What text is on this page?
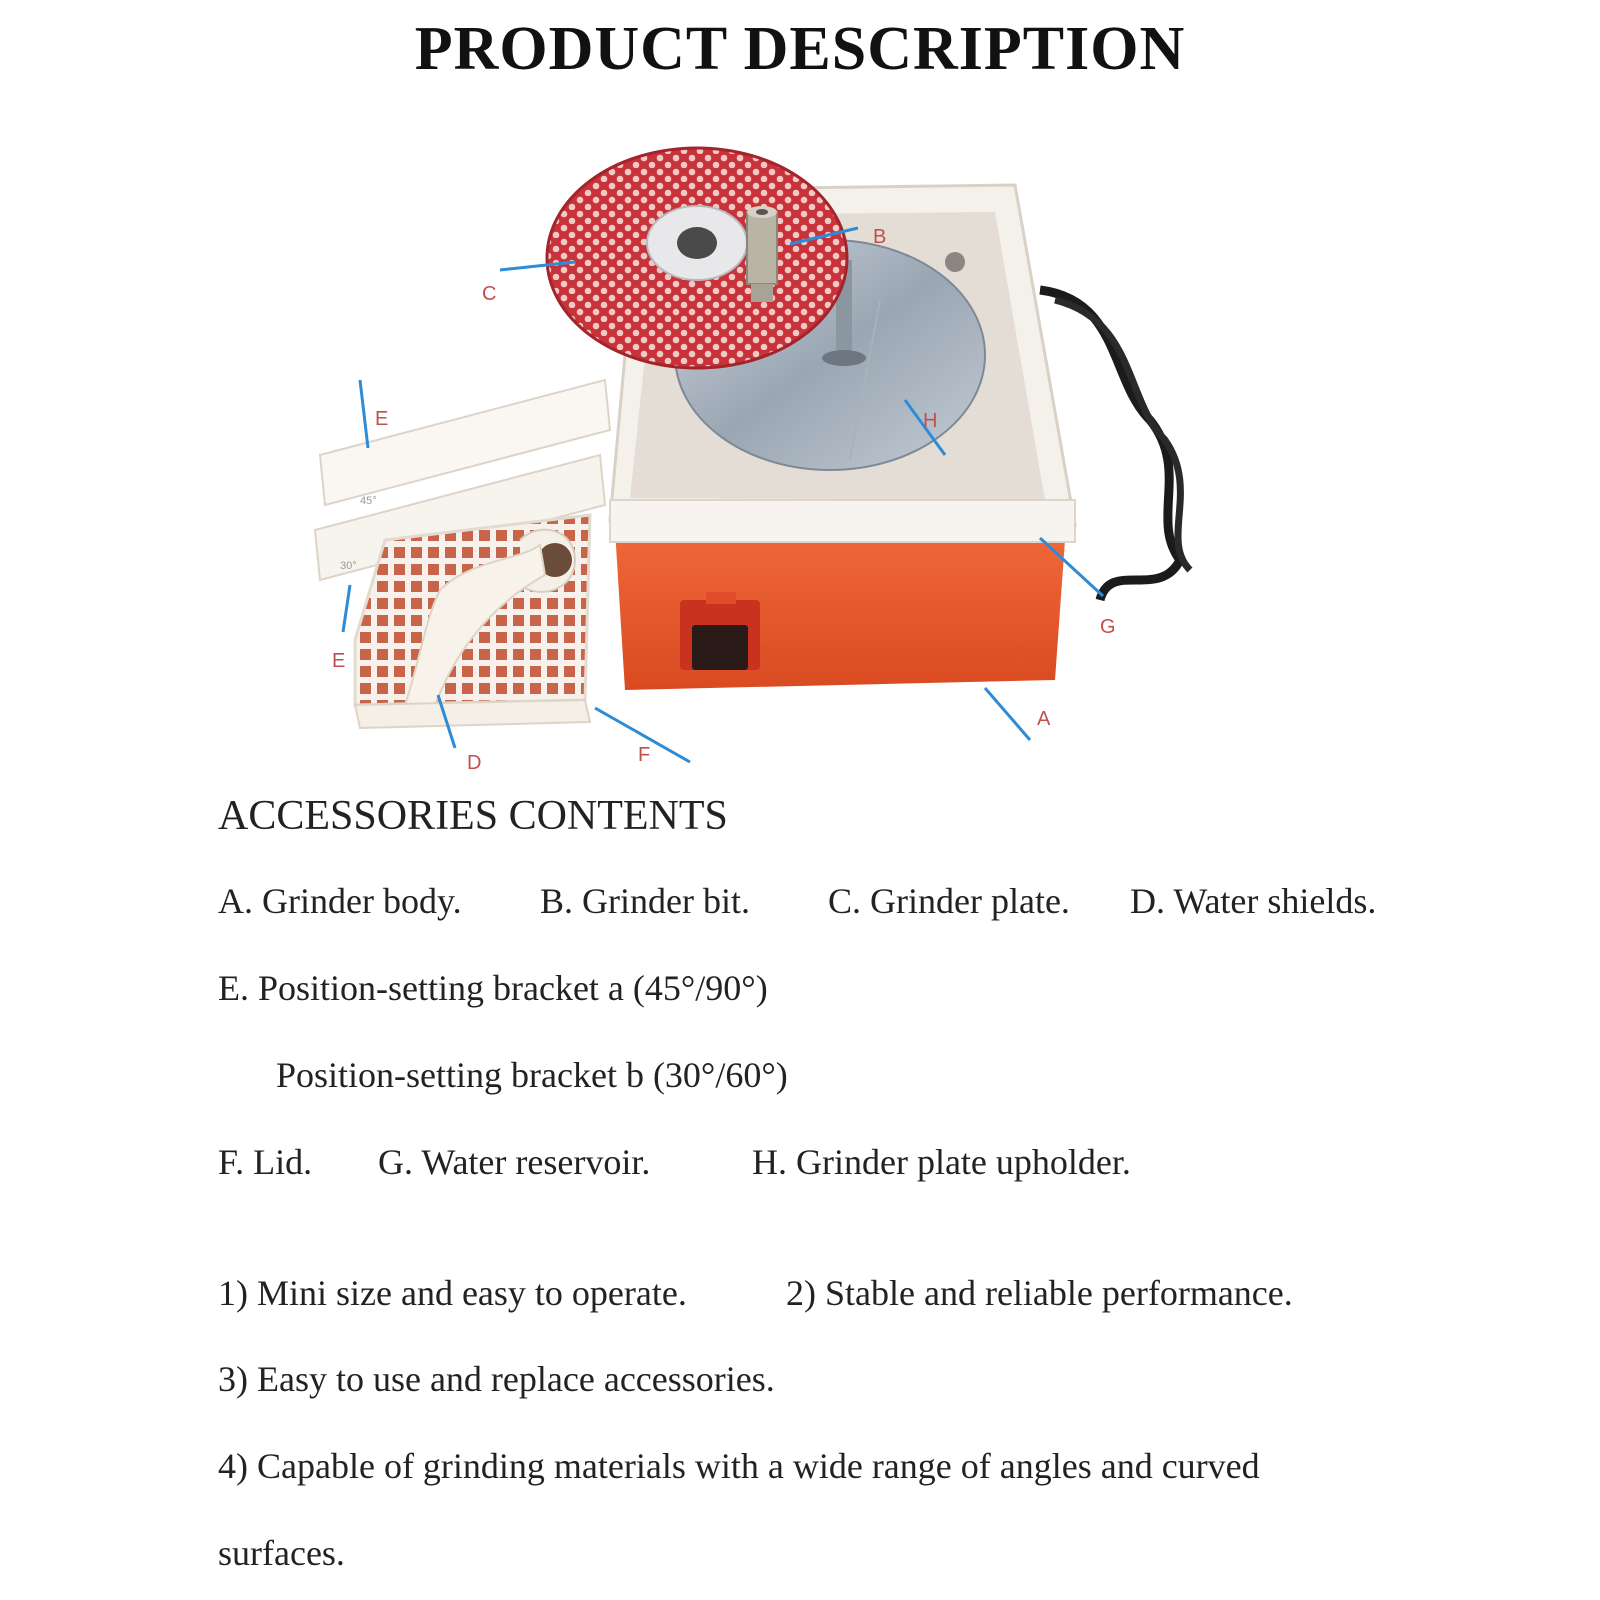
PRODUCT DESCRIPTION
C
B
H
E
E
D	F
G
A
45°
30°
ACCESSORIES CONTENTS
A. Grinder body. B. Grinder bit. C. Grinder plate. D. Water shields.
E. Position-setting bracket a (45°/90°)
Position-setting bracket b (30°/60°)
F. Lid. G. Water reservoir.	H. Grinder plate upholder.
1) Mini size and easy to operate.	2) Stable and reliable performance.
3) Easy to use and replace accessories.
4) Capable of grinding materials with a wide range of angles and curved
surfaces.
